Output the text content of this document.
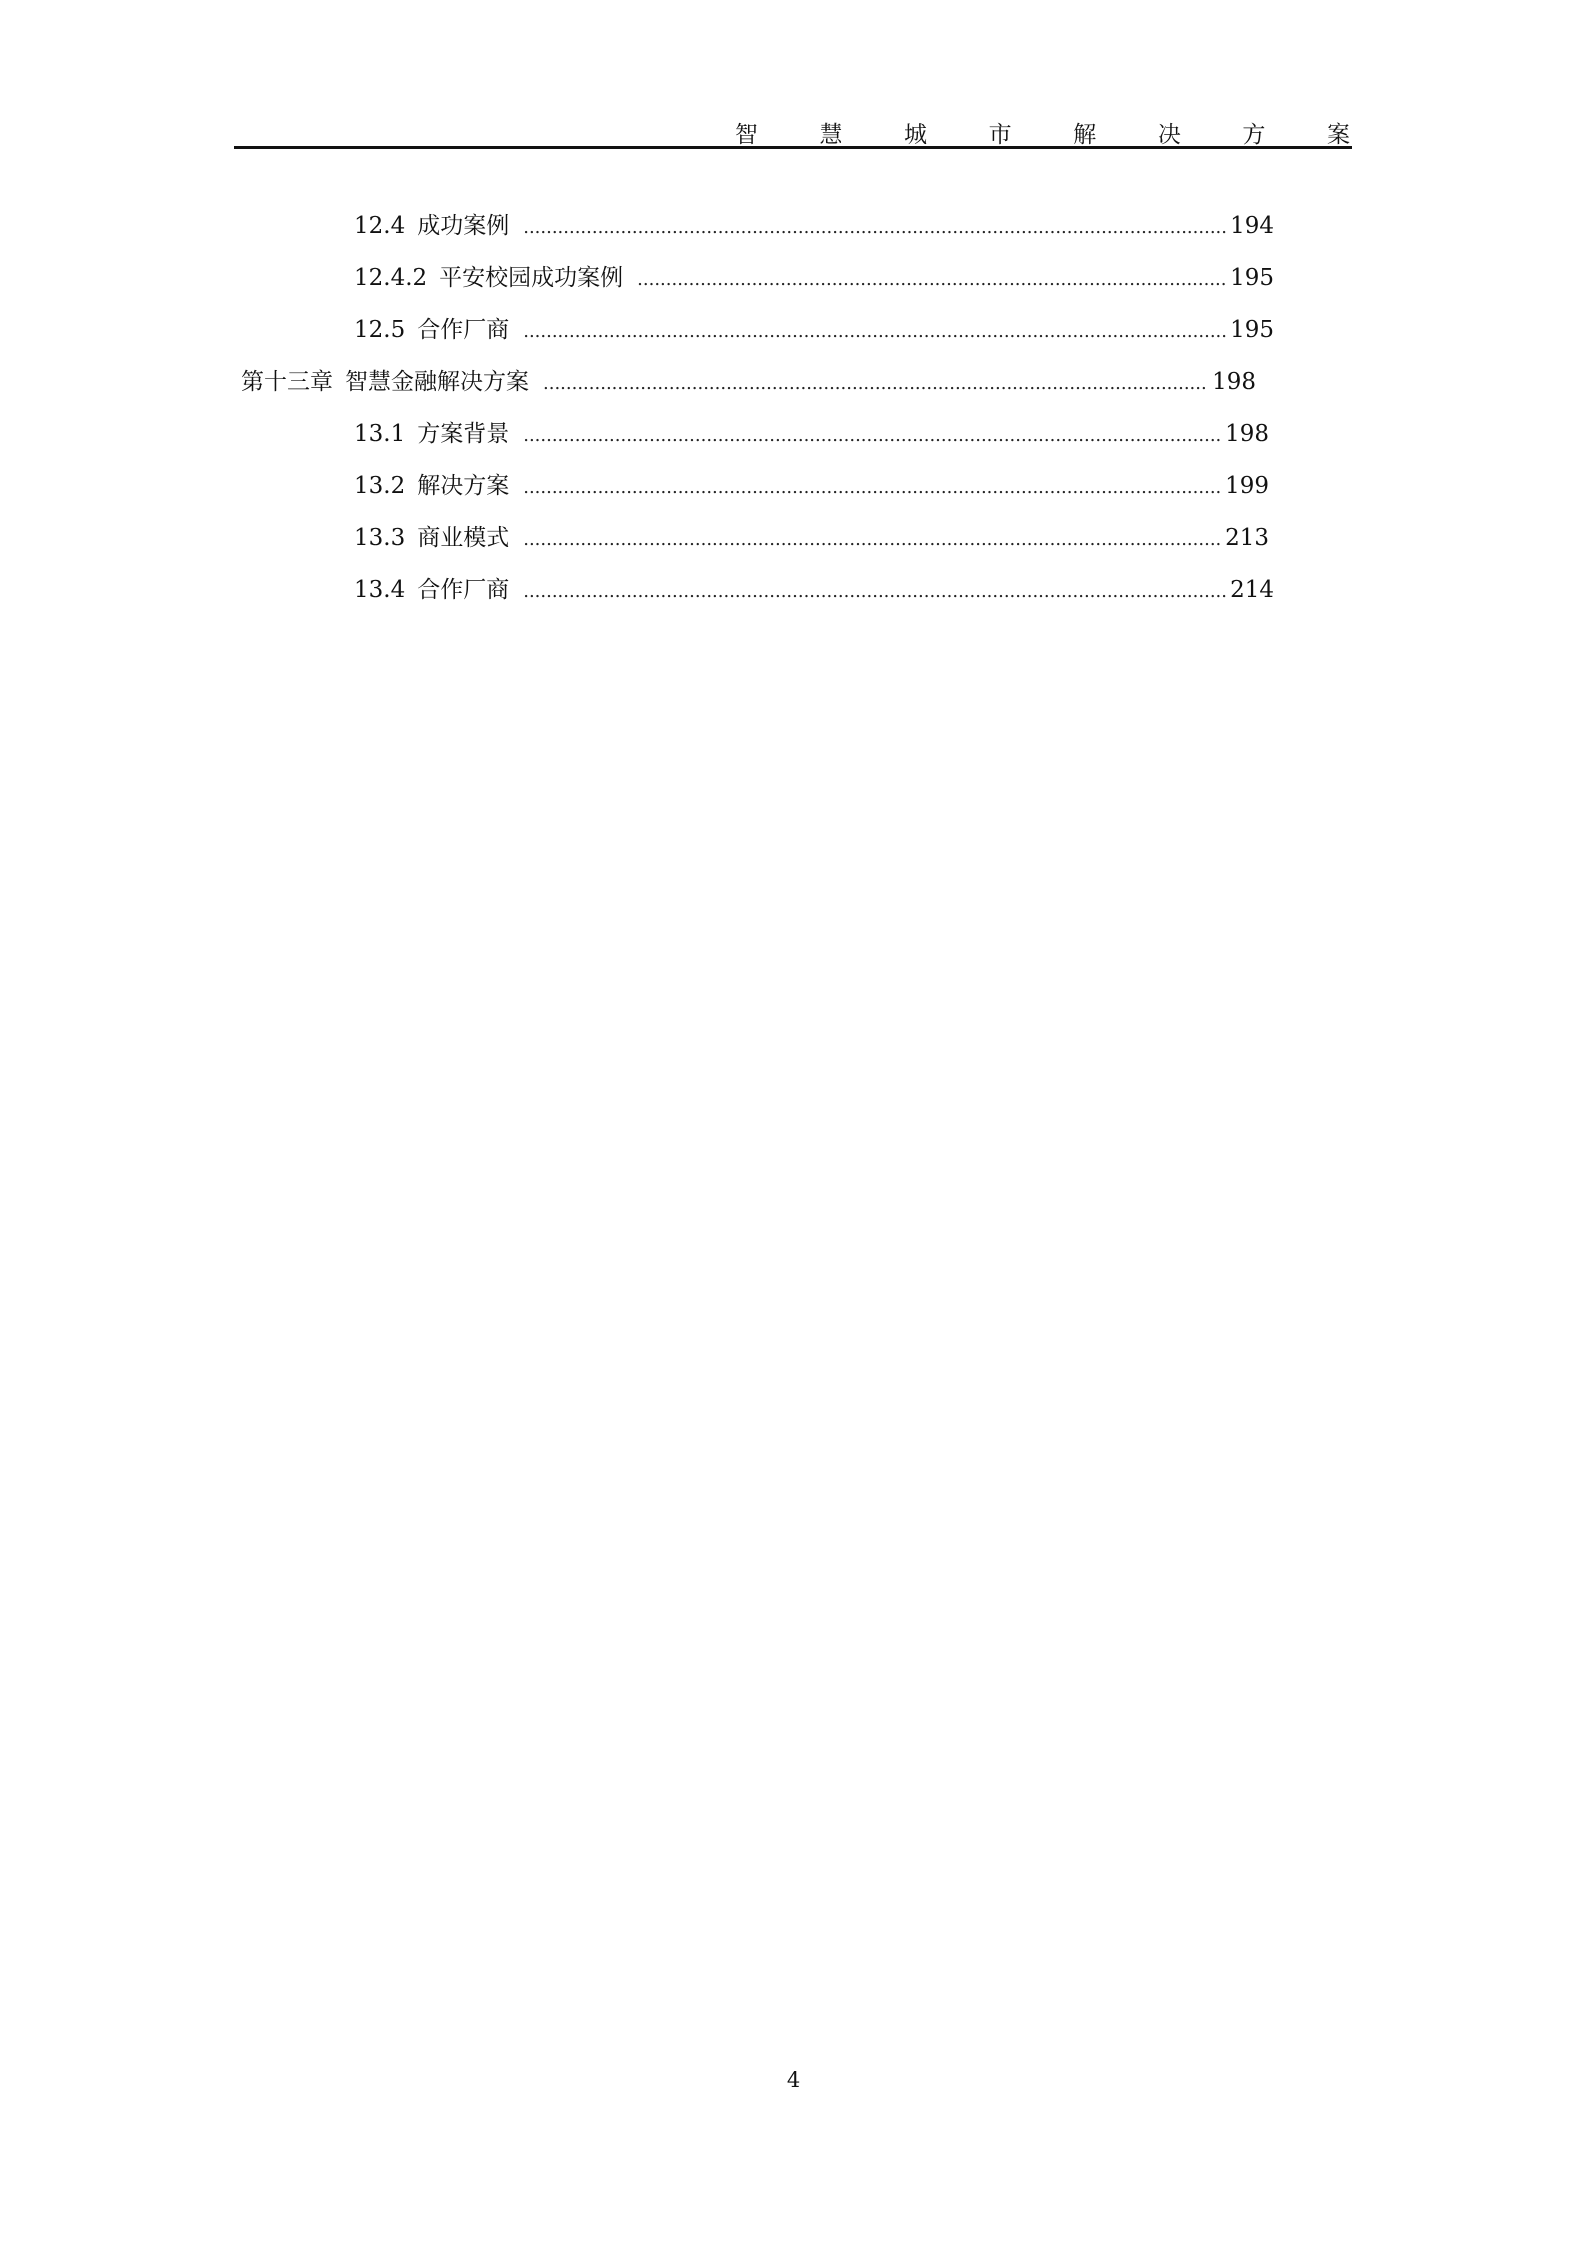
智	慧	城	市	解	决	方	案
12.4 成功案例 .....	194
12.4.2 平安校园成功案例 .....	195
12.5 合作厂商 .....	195
第十三章 智慧金融解决方案 .....	198
13.1 方案背景 .....	198
13.2 解决方案 .....	199
13.3 商业模式 .....	213
13.4 合作厂商 .....	214
4
